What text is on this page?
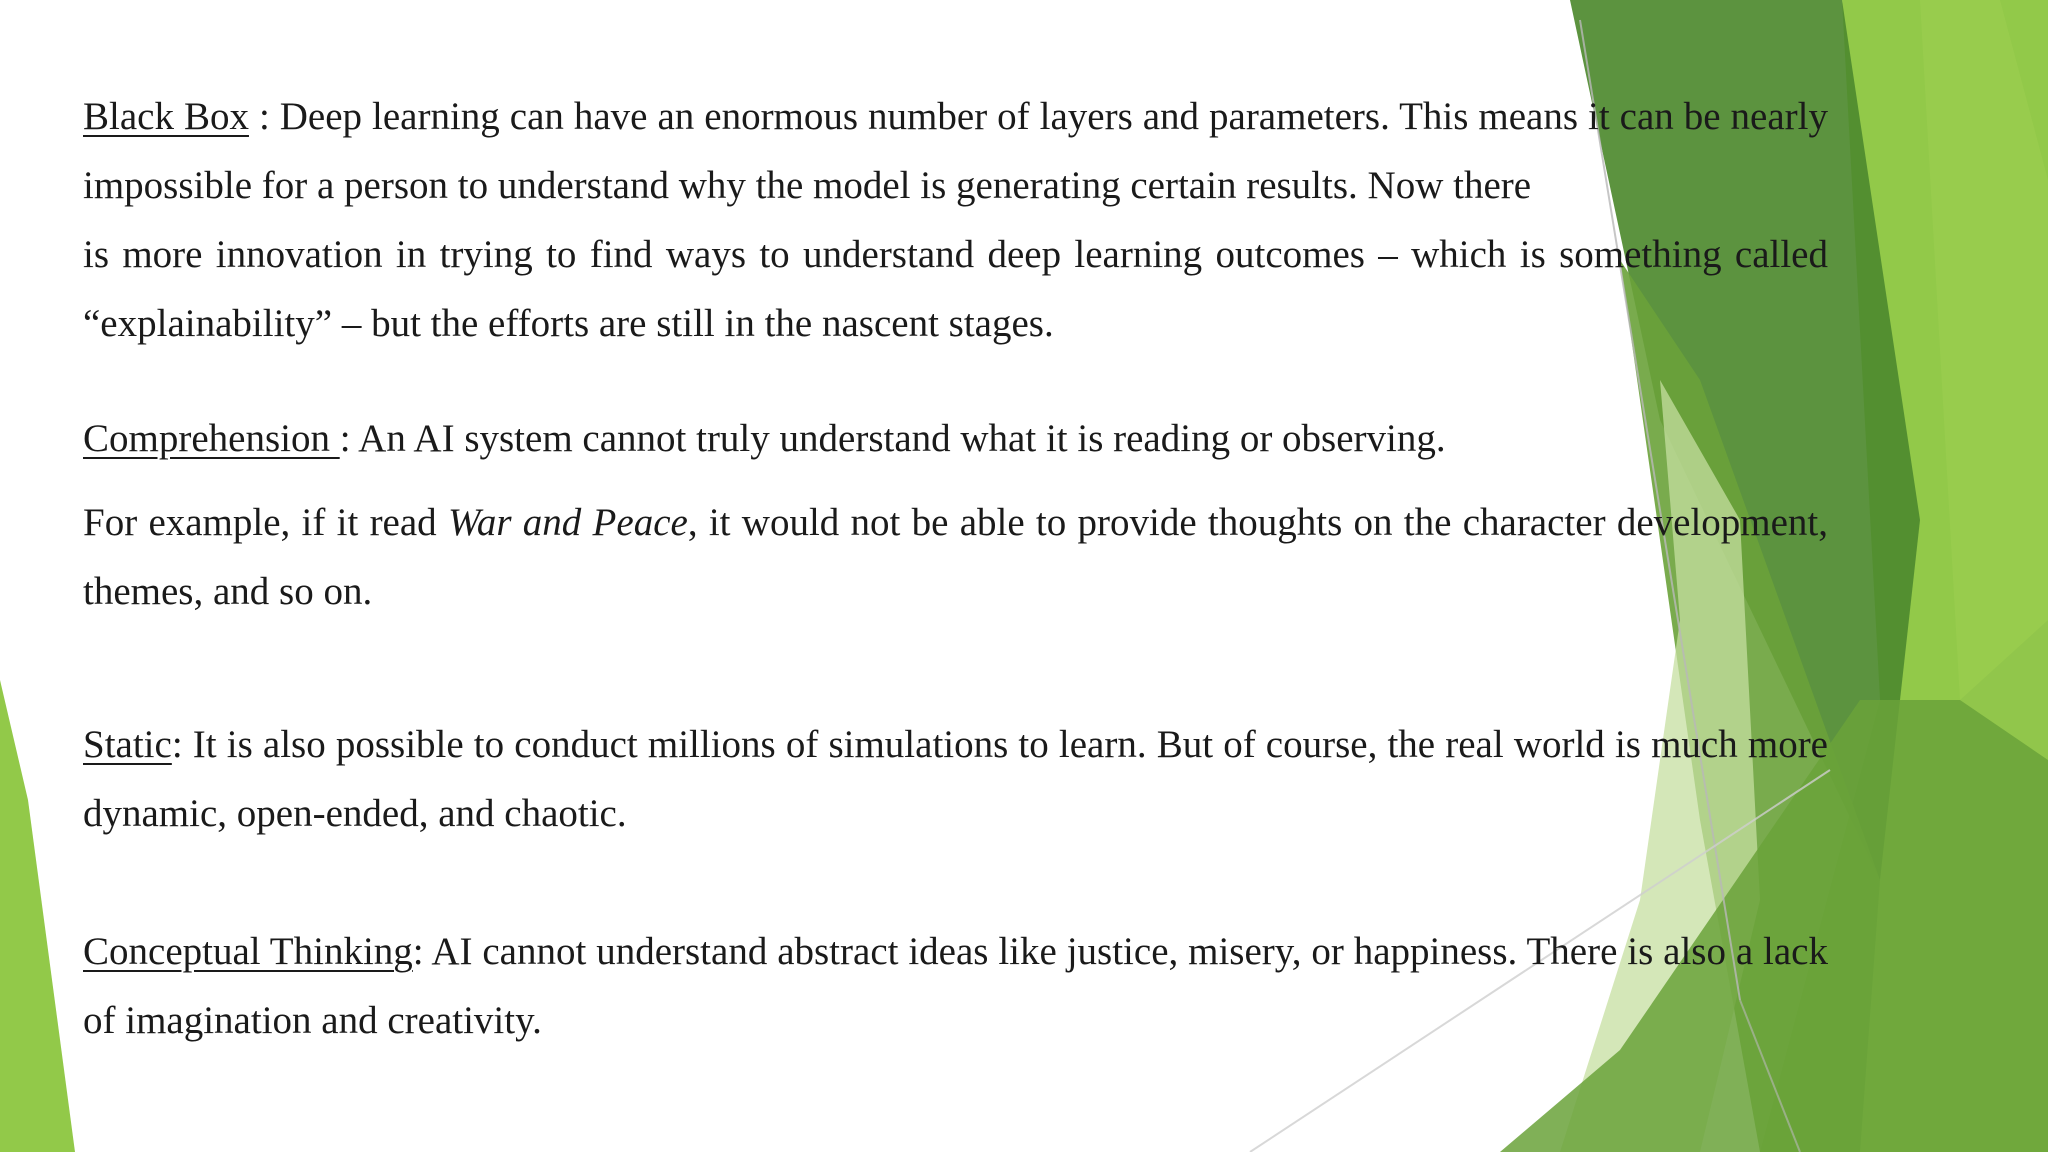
Black Box : Deep learning can have an enormous number of layers and parameters. This means it can be nearly impossible for a person to understand why the model is generating certain results. Now there

is more innovation in trying to find ways to understand deep learning outcomes – which is something called “explainability” – but the efforts are still in the nascent stages.

Comprehension : An AI system cannot truly understand what it is reading or observing.

For example, if it read War and Peace, it would not be able to provide thoughts on the character development, themes, and so on.

Static: It is also possible to conduct millions of simulations to learn. But of course, the real world is much more dynamic, open-ended, and chaotic.

Conceptual Thinking: AI cannot understand abstract ideas like justice, misery, or happiness. There is also a lack of imagination and creativity.
